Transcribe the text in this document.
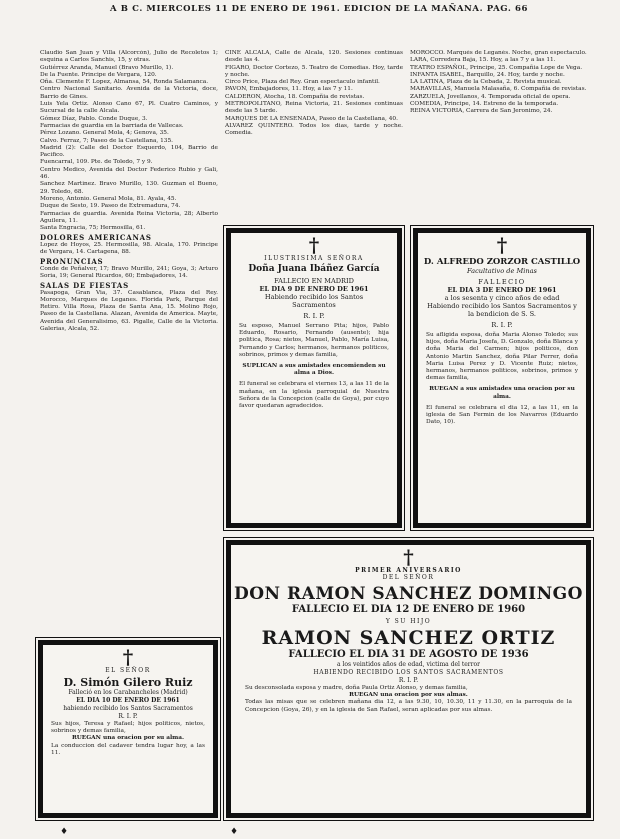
A B C. MIERCOLES 11 DE ENERO DE 1961. EDICION DE LA MAÑANA. PAG. 66

Claudio San Juan y Villa (Alcorcón), Julio de Recoletos 1; esquina a Carlos Sanchis, 15, y otras.

Gutiérrez Aranda, Manuel (Bravo Murillo, 1).

De la Fuente. Principe de Vergara, 120.

Oña. Clemente F. Lopez, Almansa, 54, Ronda Salamanca.

Centro Nacional Sanitario. Avenida de la Victoria, doce, Barrio de Gines.

Luis Yela Ortiz. Alonso Cano 67, Pl. Cuatro Caminos, y Sucursal de la calle Alcala.

Gómez Díaz, Pablo. Conde Duque, 3.

Farmacias de guardia en la barriada de Vallecas.

Pérez Lozano. General Mola, 4; Genova, 35.

Calvo. Ferraz, 7; Paseo de la Castellana, 135.

Madrid (2): Calle del Doctor Esquerdo, 104, Barrio de Pacifico.

Fuencarral, 109. Pte. de Toledo, 7 y 9.

Centro Medico, Avenida del Doctor Federico Rubio y Gali, 46.

Sanchez Martinez. Bravo Murillo, 130. Guzman el Bueno, 29. Toledo, 68.

Moreno, Antonio. General Mola, 81. Ayala, 45.

Duque de Sesto, 19. Paseo de Extremadura, 74.

Farmacias de guardia. Avenida Reina Victoria, 28; Alberto Aguilera, 11.

Santa Engracia, 75; Hermosilla, 61.

DOLORES AMERICANAS

Lopez de Hoyos, 25. Hermosilla, 98. Alcala, 170. Principe de Vergara, 14. Cartagena, 88.

PRONUNCIAS

Conde de Peñalver, 17; Bravo Murillo, 241; Goya, 3; Arturo Soria, 19; General Ricardos, 60; Embajadores, 14.

SALAS DE FIESTAS

Pasapoga, Gran Via, 37. Casablanca, Plaza del Rey. Morocco, Marques de Leganes. Florida Park, Parque del Retiro. Villa Rosa, Plaza de Santa Ana, 15. Molino Rojo, Paseo de la Castellana. Alazan, Avenida de America. Mayte, Avenida del Generalisimo, 63. Pigalle, Calle de la Victoria. Galerias, Alcala, 52.

CINE ALCALA, Calle de Alcala, 120. Sesiones continuas desde las 4.

FIGARO, Doctor Cortezo, 5. Teatro de Comedias. Hoy, tarde y noche.

Circo Price, Plaza del Rey. Gran espectaculo infantil.

PAVON, Embajadores, 11. Hoy, a las 7 y 11.

CALDERON, Atocha, 18. Compañia de revistas.

METROPOLITANO, Reina Victoria, 21. Sesiones continuas desde las 5 tarde.

MARQUES DE LA ENSENADA, Paseo de la Castellana, 40.

ALVAREZ QUINTERO. Todos los dias, tarde y noche. Comedia.

MOROCCO. Marqués de Leganés. Noche, gran espectaculo.

LARA, Corredera Baja, 15. Hoy, a las 7 y a las 11.

TEATRO ESPAÑOL, Principe, 25. Compañia Lope de Vega.

INFANTA ISABEL, Barquillo, 24. Hoy, tarde y noche.

LA LATINA, Plaza de la Cebada, 2. Revista musical.

MARAVILLAS, Manuela Malasaña, 6. Compañia de revistas.

ZARZUELA, Jovellanos, 4. Temporada oficial de opera.

COMEDIA, Principe, 14. Estreno de la temporada.

REINA VICTORIA, Carrera de San Jeronimo, 24.

†
ILUSTRISIMA SEÑORA
Doña Juana Ibáñez García
FALLECIO EN MADRID
EL DIA 9 DE ENERO DE 1961
Habiendo recibido los Santos Sacramentos
R. I. P.
Su esposo, Manuel Serrano Pita; hijos, Pablo Eduardo, Rosario, Fernando (ausente); hija politica, Rosa; nietos, Manuel, Pablo, María Luisa, Fernando y Carlos; hermanos, hermanos politicos, sobrinos, primos y demas familia,
SUPLICAN a sus amistades encomienden su alma a Dios.
El funeral se celebrara el viernes 13, a las 11 de la mañana, en la iglesia parroquial de Nuestra Señora de la Concepcion (calle de Goya), por cuyo favor quedaran agradecidos.
†
D. ALFREDO ZORZOR CASTILLO
Facultativo de Minas
FALLECIO
EL DIA 3 DE ENERO DE 1961
a los sesenta y cinco años de edad
Habiendo recibido los Santos Sacramentos y la bendicion de S. S.
R. I. P.
Su afligida esposa, doña Maria Alonso Toledo; sus hijos, doña Maria Josefa, D. Gonzalo, doña Blanca y doña Maria del Carmen; hijos politicos, don Antonio Martin Sanchez, doña Pilar Ferrer, doña Maria Luisa Perez y D. Vicente Ruiz; nietos, hermanos, hermanos politicos, sobrinos, primos y demas familia,
RUEGAN a sus amistades una oracion por su alma.
El funeral se celebrara el dia 12, a las 11, en la iglesia de San Fermin de los Navarros (Eduardo Dato, 10).
†
EL SEÑOR
D. Simón Gilero Ruiz
Falleció en los Carabancheles (Madrid)
EL DIA 10 DE ENERO DE 1961
habiendo recibido los Santos Sacramentos
R. I. P.
Sus hijos, Teresa y Rafael; hijos politicos, nietos, sobrinos y demas familia,
RUEGAN una oracion por su alma.
La conduccion del cadaver tendra lugar hoy, a las 11.
†
PRIMER ANIVERSARIO
DEL SEÑOR
DON RAMON SANCHEZ DOMINGO
FALLECIO EL DIA 12 DE ENERO DE 1960
Y SU HIJO
RAMON SANCHEZ ORTIZ
FALLECIO EL DIA 31 DE AGOSTO DE 1936
a los veintidos años de edad, victima del terror
HABIENDO RECIBIDO LOS SANTOS SACRAMENTOS
R. I. P.
Su desconsolada esposa y madre, doña Paula Ortiz Alonso, y demas familia,
RUEGAN una oracion por sus almas.
Todas las misas que se celebren mañana dia 12, a las 9.30, 10, 10.30, 11 y 11.30, en la parroquia de la Concepcion (Goya, 26), y en la iglesia de San Rafael, seran aplicadas por sus almas.
♦	♦
